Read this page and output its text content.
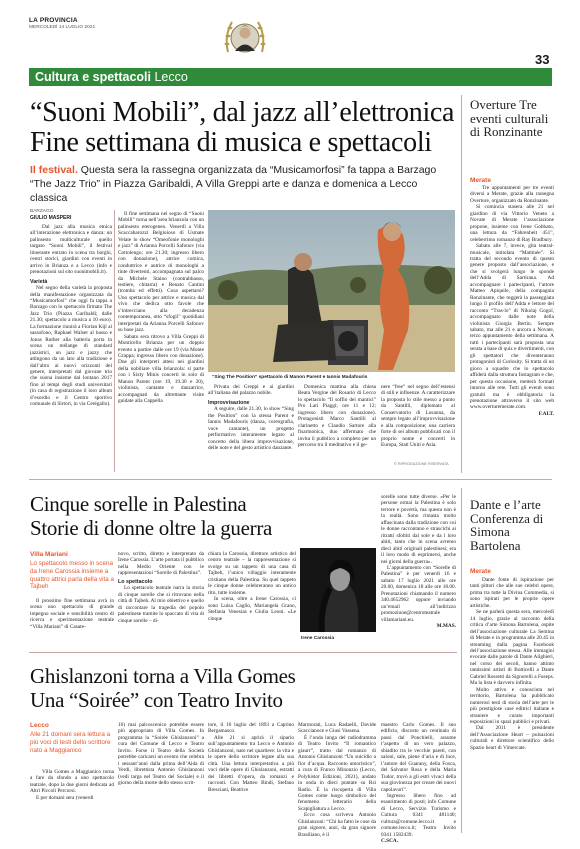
LA PROVINCIA
MERCOLEDÌ 14 LUGLIO 2021
33
Cultura e spettacoli Lecco
“Suoni Mobili”, dal jazz all’elettronica
Fine settimana di musica e spettacoli
Il festival. Questa sera la rassegna organizzata da “Musicamorfosi” fa tappa a Barzago
“The Jazz Trio” in Piazza Garibaldi, A Villa Greppi arte e danza e domenica a Lecco classica
BARZAGO
GIULIO MASPERI

Dal jazz alla musica etnica all’interazione elettronica e danza: un palinsesto multiculturale quello targato “Suoni Mobili”, il festival itinerante entrato in scena tra borghi, centri storici, giardini con eventi in arrivo in Brianza e a Lecco (info e prenotazioni sul sito suonimobili.it).

Varietà

Nel segno della varietà la proposta della manifestazione organizzata da “Musicamorfosi” che oggi fa tappa a Barzago con lo spettacolo firmato The Jazz Trio (Piazza Garibaldi; dalle 21.30; spettacolo a musica a 10 euro). La formazione riunirà a Fiorian Kijl al sassofono, Raphael Walser al basso e Jonas Ruther alla batteria porta in scena un mélange di standard jazzistici, un jazz e jazzy che attingono da un lato alla tradizione e dall’altro ai nuovi orizzonti del genere, interpretati dal giovane trio che suona insieme dal lontano 2017 fino al tempi degli studi universitari (in casa di registrazione il loro album d’esordio e il Centro sportivo comunale di Sirtori, in via Cerégallo).

Il fine settimana nel segno di “Suoni Mobili” torna nell’area brianzola con un palinsesto eterogeneo. Venerdì a Villa Scaccabarozzi Belgioioso di Usmate Velate lo show “Omeofonie monologhi e jazz” di Arianna Porcelli Safonov (via Cottolengo; ore 21.30; ingresso libero con donazione), attrice comica, conduttrice e autrice di monologhi a tinte divertenti, accompagnata sul palco da Michele Staino (contrabbasso, testiere, chitarra) e Renato Cantini (tromba ed effetti). Cosa aspettarsi? Uno spettacolo per attrice e musica dal vivo che dedica otto favole che s’intrecciano alla decadenza contemporanea, otto “sfogli” quotidiani interpretati da Arianna Porcelli Safonov su base jazz.

Sabato sera ritrovo a Villa Greppi di Monticello Brianza per un doppio evento a partire dalle ore 19 (via Monte Grappa; ingresso libero con donazione). Due gli interpreti attesi nei giardini della nobiliare villa brianzola: si parte con i Sixty Minis concerti in solo di Manon Parent (ore 19, 19.30 e 20), violinista, cantante e danzatrice, accompagnati da altrettante visite guidate alla Cappella

“Sing The Position” spettacolo di Manon Parent e Iannis Madafouris

Privata dei Greppi e ai giardini all’italiana del palazzo nobile.

Improvvisazione

A seguire, dalle 21.30, lo show “Sing the Position” con la stessa Parent e Iannis Madafouris (danza, coreografia, voce cantante), un progetto performativo interamente legato al concetto della libera improvvisazione, delle note e del gesto artistico danzante.

Domenica mattina alla chiesa Beata Vergine del Rosario di Lecco lo spettacolo “Il soffio dei mantici” Pro Lari Piaggi; ore 11 e 12; ingresso libero con donazione). Protagonisti Marco Santilli al clarinetto e Claudio Sartore alla fisarmonica, duo affermato che invita il pubblico a completo per un percorso tra il meditativo e il ge-

nere “free” nel segno dell’estensi di stili e influenze. A caratterizzare la proposta lo stile messo a punto da Santilli, diplomato al Conservatorio di Losanna, da sempre legato all’improvvisazione e alla composizione; una carriera forte di sei album pubblicati con il proprio nome e concerti in Europa, Stati Uniti e Asia.

© RIPRODUZIONE RISERVATA
Overture Tre eventi culturali di Ronzinante
Merate

Tre appuntamenti per tre eventi diversi a Merate, grazie alla rassegna Overture, organizzato da Ronzinante.

Si comincia stasera alle 21 nel giardino di via Vittorio Veneto a Novate di Merate l’associazione propone, insieme con Irene Gobbato, una lettura da “Fahrenheit 451”, celeberrimo romanzo di Ray Bradbury.

Sabato alle 7, invece, gita teatral-musicale, intitolata “Mattinée”. Si tratta del secondo evento di questo genere proposto dall’associazione, e che si svolgerà lungo le sponde dell’Adda di Sartirana. Ad accompagnare i partecipanti, l’attore Matteo Apiquile, della compagnia Ronzinante, che reggerà la passeggiata lungo il profilo dell’Adda e lettore del racconto “Tras-lo” di Nikolaj Gogol, accompagnato dalle note della violinista Giorgia Bertin. Sempre sabato, ma alle 21 e ancora a Novate, terzo appuntamento della settimana. A tutti i partecipanti sarà proposta una serata a base di quiz e divertimenti, con gli spettatori che diventeranno protagonisti di Curiosity. Si tratta di un gioco a squadre che lo spettacolo affiderà dalla struttura Instagram e che, per questa occasione, metterà formati intorno alle rete. Tutti gli eventi sono gratuiti ma è obbligatoria la prenotazione attraverso il sito web www.overturemerate.com.

F.ALT.

Cinque sorelle in Palestina
Storie di donne oltre la guerra
Villa Mariani
Lo spettacolo messo in scena da Irene Carossia insieme a quattro attrici parla della vita a Tajbeh

Il prossimo fine settimana avrà in scena uno spettacolo di grande impegno sociale e sensibilità centro di ricerca e sperimentazione teatrale “Villa Mariani” di Casate-

novo, scritto, diretto e interpretato da Irene Carossia. L’arte portata il pubblico nella Medio Oriente con le rappresentazioni “Sorelle di Palestina”.

Lo spettacolo

Lo spettacolo teatrale narra la storia di cinque sorelle che si ritrovano nella città di Tajbeh. Al mio obiettivo e quello di raccontare la tragedia del popolo palestinese tramite lo spaccato di vita di cinque sorelle – di-

chiara la Carossia, direttore artistico del centro teatrale – la rappresentazione si svolge su un tappeto di una casa di Tajbeh, l’unico villaggio interamente cristiano della Palestina. Su quel tappeto le cinque donne celebreranno un antico rito, tutte insieme.

In scena, oltre a Irene Carossia, ci sono Luisa Caglio, Mariangela Grano, Stefania Venesias e Giulia Leoni. «Le cinque

Irene Carossia

sorelle sono tutte diverse. «Per le persone ormai la Palestina è solo terrore e povertà, ma questa non è la realtà. Sono rimasta molto affascinata dalla tradizione con cui le donne raccontano e strascichi ai ritratti sfoltiti dal sole e da l loro abiti, tanto che in scena avremo dieci abiti originali palestinesi; era il loro modo di esprimersi, anche nei giorni della guerra».

L’appuntamento con “Sorelle di Palestina” è per venerdì 16 e sabato 17 luglio 2021 alle ore 20.00, domenica 18 alle ore 18.00. Prenotazioni chiamando il numero 340.4652962 oppure inviando un’email all’indirizzo promozione@centroteatrale villamariani.eu.

M.MAS.

Dante e l’arte Conferenza di Simona Bartolena
Merate

Dante fonte di ispirazione per tanti pittori che alle sue celebri opere, prima tra tutte la Divina Commedia, si sono ispirati per le proprie opere artistiche.

Se ne parlerà questa sera, mercoledì 14 luglio, grazie al racconto della critica d’arte Simona Bartolena, ospite dell’associazione culturale La Semina di Merate e in programma alle 20.45 in streaming dalla pagina Facebook dell’associazione stessa. Alle immagini evocate dalle parole di Dante Alighieri, nel corso dei secoli, hanno attinto tantissimi artisti di Botticelli a Dante Gabriel Rossetti da Signorelli a Fuseps. Ma la lista è davvero infinita.

Molto attivo e conosciuta nel territorio, Bartolena ha pubblicato numerosi testi di storia dell’arte per le più prestigiose case editrici italiane e straniere e curato importanti esposizioni in spazi pubblici e privati.

Dal 2011 è presidente dell’Associazione Heart – pulsazioni culturali e direttore scientifico dello Spazio heart di Vimercate.

Ghislanzoni torna a Villa Gomes
Una “Soirée” con Teatro Invito
Lecco
Alle 21 domani sera lettura a più voci di testi dello scrittore nato a Maggianico

Villa Gomes a Maggianico torna a fare da sfondo a uno spettacolo teatrale, dopo la due giorni dedicata ad Altri Piccoli Percorsi.

E per domani sera (venerdì

16) mai palcoscenico potrebbe essere più appropriato di Villa Gomes. In programma la “Soirée Ghislanzoni” a cura del Comune di Lecco e Teatro Invito. Forse il Teatro della Società potrebbe caricarsi un evento che celebra i sessant’anni dalla prima dell’Aida di Verdi, librettista Antonio Ghislanzoni (vedi targa nel Teatro del Sociale) e il giorno della morte dello stesso scrit-

tore, il 16 luglio del 1893 a Caprino Bergamasco.

Alle 21 si aprirà il sipario sull’appuntamento tra Lecco e Antonio Ghislanzoni, nato nel quartiere: la vita e le opere dello scrittore legate alla sua città. Una lettura interpretativa a più voci delle opere di Ghislanzoni, estratti dei libretti d’opera, da romanzi e racconti. Con Matteo Bindi, Stefano Bresciani, Beatrice

Marmorati, Luca Radaelli, Davide Scaccianoce e Giusi Vassena.

È l’onda lunga del radiodramma di Teatro Invito “Il romantico giaurr”, tratto dal romanzo di Antonio Ghislanzoni “Un suicidio a fior d’acqua. Racconto umoristico”, a cura di Franco Minonzio (Lecco, Polyhistor Edizioni, 2021), andato in onda in dieci puntate su Rsi Radio. È la riscoperta di Villa Gomes come luogo simbolico del fenomeno letterario della Scapigliatura a Lecco.

Ecco cosa scriveva Antonio Ghislanzoni: “Chi ha fatto le cose da gran signore, anzi, da gran signore Brasiliano, è il

maestro Carlo Gomes. Il suo edificio, discosto un centinaio di passi dal Ponchielli, assume l’aspetto di un vero palazzo, sbiadito tra le vecchie pareti, con saloni, sale, piene d’aria e di luce, l’autore del Guarany, della Fosca, del Salvator Rosa e della Maria Tudor, trovò a gli estri vivaci della sua giovinezza per creare dei nuovi capolavori”.

Ingresso libero fino ad esaurimento di posti; info Comune di Lecco, Servizio Turismo e Cultura 0341 481140; cultura@comune.lecco.it e comune.lecco.it; Teatro Invito 0341 1582439.

C.SCA.
